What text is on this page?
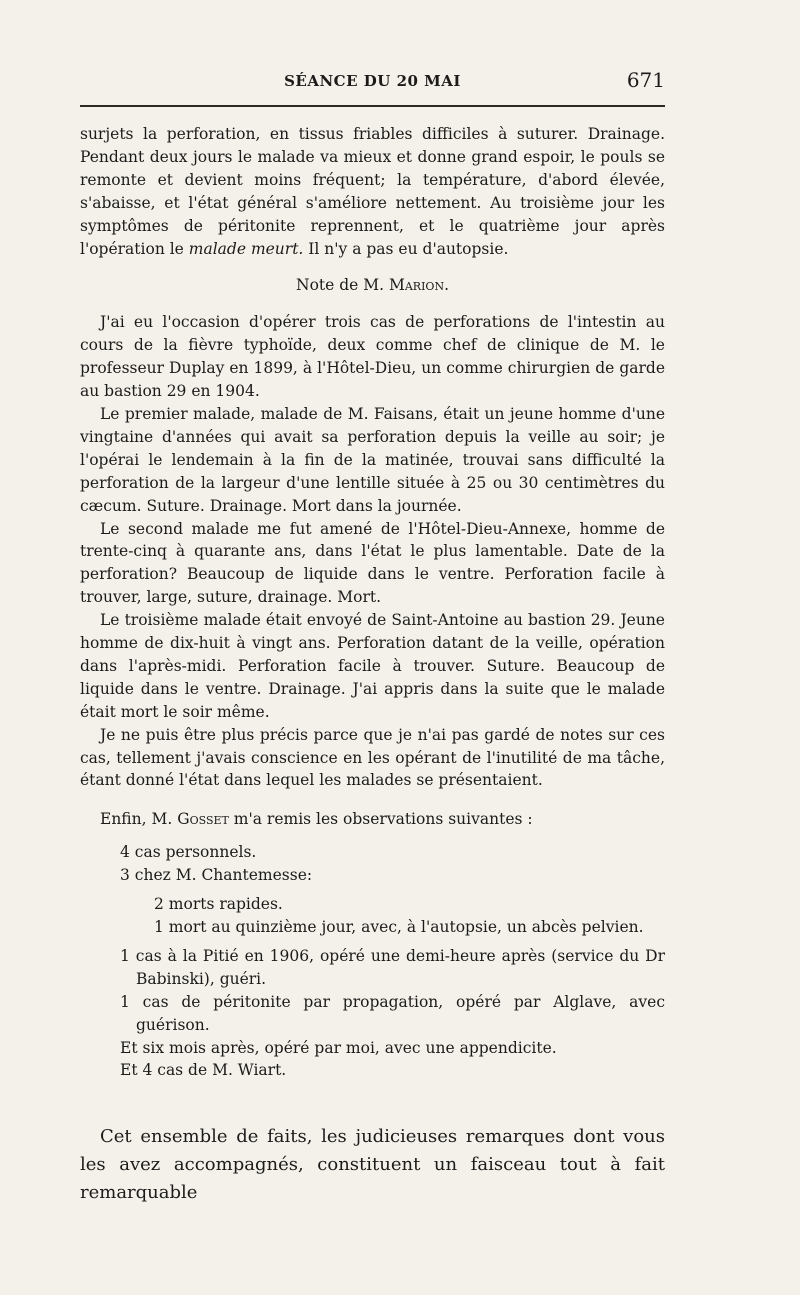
SÉANCE DU 20 MAI	671

surjets la perforation, en tissus friables difficiles à suturer. Drainage. Pendant deux jours le malade va mieux et donne grand espoir, le pouls se remonte et devient moins fréquent; la température, d'abord élevée, s'abaisse, et l'état général s'améliore nettement. Au troisième jour les symptômes de péritonite reprennent, et le quatrième jour après l'opération le malade meurt. Il n'y a pas eu d'autopsie.

Note de M. Marion.

J'ai eu l'occasion d'opérer trois cas de perforations de l'intestin au cours de la fièvre typhoïde, deux comme chef de clinique de M. le professeur Duplay en 1899, à l'Hôtel-Dieu, un comme chirurgien de garde au bastion 29 en 1904.

Le premier malade, malade de M. Faisans, était un jeune homme d'une vingtaine d'années qui avait sa perforation depuis la veille au soir; je l'opérai le lendemain à la fin de la matinée, trouvai sans difficulté la perforation de la largeur d'une lentille située à 25 ou 30 centimètres du cæcum. Suture. Drainage. Mort dans la journée.

Le second malade me fut amené de l'Hôtel-Dieu-Annexe, homme de trente-cinq à quarante ans, dans l'état le plus lamentable. Date de la perforation? Beaucoup de liquide dans le ventre. Perforation facile à trouver, large, suture, drainage. Mort.

Le troisième malade était envoyé de Saint-Antoine au bastion 29. Jeune homme de dix-huit à vingt ans. Perforation datant de la veille, opération dans l'après-midi. Perforation facile à trouver. Suture. Beaucoup de liquide dans le ventre. Drainage. J'ai appris dans la suite que le malade était mort le soir même.

Je ne puis être plus précis parce que je n'ai pas gardé de notes sur ces cas, tellement j'avais conscience en les opérant de l'inutilité de ma tâche, étant donné l'état dans lequel les malades se présentaient.

Enfin, M. Gosset m'a remis les observations suivantes :

4 cas personnels.

3 chez M. Chantemesse:

2 morts rapides.

1 mort au quinzième jour, avec, à l'autopsie, un abcès pelvien.

1 cas à la Pitié en 1906, opéré une demi-heure après (service du Dr Babinski), guéri.

1 cas de péritonite par propagation, opéré par Alglave, avec guérison.

Et six mois après, opéré par moi, avec une appendicite.

Et 4 cas de M. Wiart.

Cet ensemble de faits, les judicieuses remarques dont vous les avez accompagnés, constituent un faisceau tout à fait remarquable
